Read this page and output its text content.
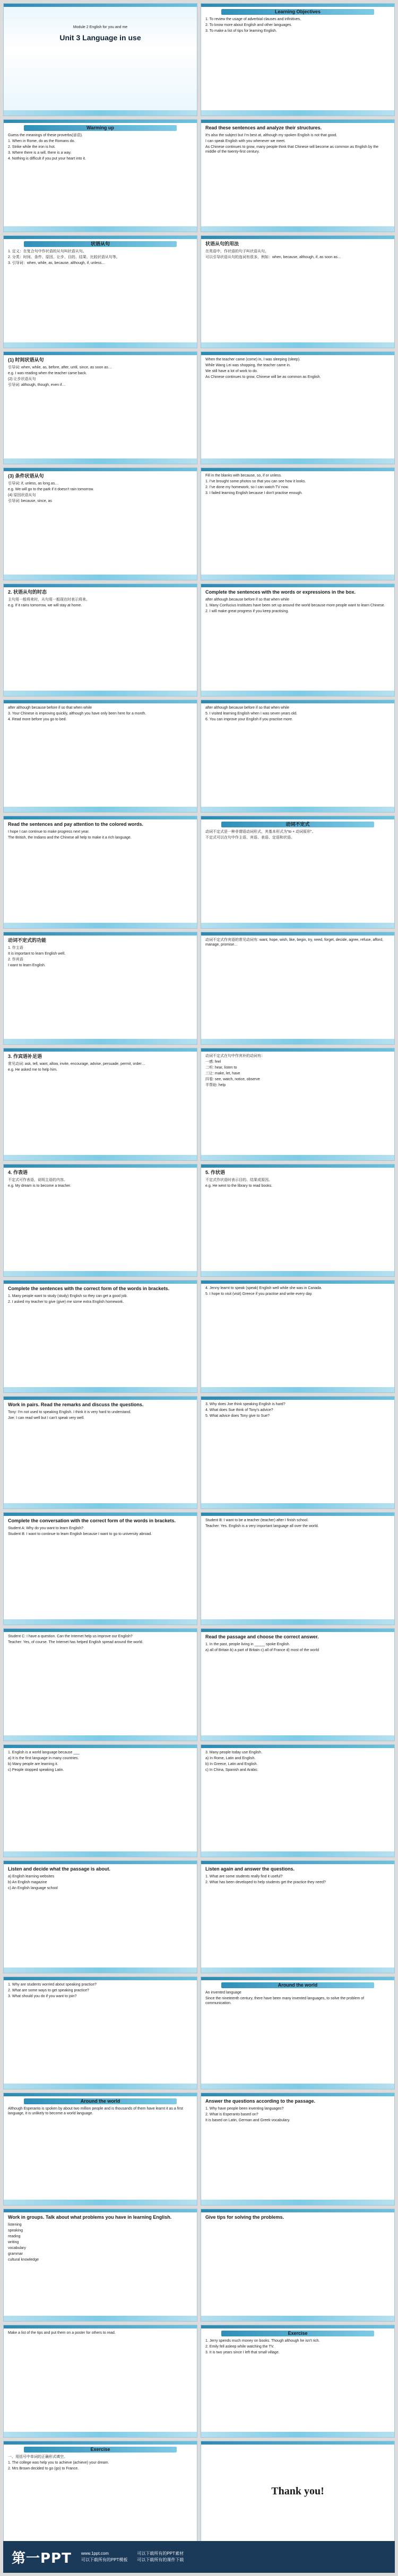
Module 2 English for you and me
Unit 3 Language in use
Learning Objectives

1. To review the usage of adverbial clauses and infinitives.

2. To know more about English and other languages.

3. To make a list of tips for learning English.

Warming up

Guess the meanings of these proverbs(谚语).

1. When in Rome, do as the Romans do.

2. Strike while the iron is hot.

3. Where there is a will, there is a way.

4. Nothing is difficult if you put your heart into it.

Read these sentences and analyze their structures.

It's also the subject but I'm best at, although my spoken English is not that good.

I can speak English with you whenever we meet.

As Chinese continues to grow, many people think that Chinese will become as common as English by the middle of the twenty-first century.

状语从句

1. 定义：在复合句中作状语的从句叫状语从句。

2. 分类：时间、条件、原因、让步、目的、结果、比较状语从句等。

3. 引导词：when, while, as, because, although, if, unless…

状语从句的用法

在英语中，作状语的句子叫状语从句。

可以引导状语从句的连词有很多，例如：when, because, although, if, as soon as…

(1) 时间状语从句

引导词: when, while, as, before, after, until, since, as soon as…

e.g. I was reading when the teacher came back.

(2) 让步状语从句

引导词: although, though, even if…

When the teacher came (come) in, I was sleeping (sleep).

While Wang Lei was shopping, the teacher came in.

We still have a lot of work to do.

As Chinese continues to grow, Chinese will be as common as English.

(3) 条件状语从句

引导词: if, unless, as long as…

e.g. We will go to the park if it doesn't rain tomorrow.

(4) 原因状语从句

引导词: because, since, as

Fill in the blanks with because, so, if or unless.

1. I've brought some photos so that you can see how it looks.

2. I've done my homework, so I can watch TV now.

3. I failed learning English because I don't practise enough.

2. 状语从句的时态

主句用一般将来时，从句用一般现在时表示将来。

e.g. If it rains tomorrow, we will stay at home.

Complete the sentences with the words or expressions in the box.

after although because before if so that when while

1. Many Confucius Institutes have been set up around the world because more people want to learn Chinese.

2. I will make great progress if you keep practising.

after although because before if so that when while

3. Your Chinese is improving quickly, although you have only been here for a month.

4. Read more before you go to bed.

after although because before if so that when while

5. I visited learning English when I was seven years old.

6. You can improve your English if you practise more.

Read the sentences and pay attention to the colored words.

I hope I can continue to make progress next year.

The British, the Indians and the Chinese all help to make it a rich language.

动词不定式

动词不定式是一种非谓语动词形式，其基本形式为“to + 动词原形”。

不定式可以在句中作主语、宾语、表语、定语和状语。

动词不定式的功能

1. 作主语

It is important to learn English well.

2. 作宾语

I want to learn English.

动词不定式作宾语的常见动词有: want, hope, wish, like, begin, try, need, forget, decide, agree, refuse, afford, manage, promise…

3. 作宾语补足语

常见动词: ask, tell, want, allow, invite, encourage, advise, persuade, permit, order…

e.g. He asked me to help him.

动词不定式在句中作宾补的动词有：

一感: feel

二听: hear, listen to

三让: make, let, have

四看: see, watch, notice, observe

半帮助: help

4. 作表语

不定式可作表语，说明主语的内容。

e.g. My dream is to become a teacher.

5. 作状语

不定式作状语时表示目的、结果或原因。

e.g. He went to the library to read books.

Complete the sentences with the correct form of the words in brackets.

1. Many people want to study (study) English so they can get a good job.

2. I asked my teacher to give (give) me some extra English homework.

4. Jenny learnt to speak (speak) English well while she was in Canada.

5. I hope to visit (visit) Greece if you practise and write every day.

Work in pairs. Read the remarks and discuss the questions.

Tony: I'm not used to speaking English. I think it is very hard to understand.

Joe: I can read well but I can't speak very well.

3. Why does Joe think speaking English is hard?

4. What does Sue think of Tony's advice?

5. What advice does Tony give to Sue?

Complete the conversation with the correct form of the words in brackets.

Student A: Why do you want to learn English?

Student B: I want to continue to learn English because I want to go to university abroad.

Student B: I want to be a teacher (teacher) after I finish school.

Teacher: Yes. English is a very important language all over the world.

Student C: I have a question. Can the Internet help us improve our English?

Teacher: Yes, of course. The Internet has helped English spread around the world.

Read the passage and choose the correct answer.

1. In the past, people living in _____ spoke English.

a) all of Britain b) a part of Britain c) all of France d) most of the world

1. English is a world language because ___

a) It is the first language in many countries.

b) Many people are learning it.

c) People stopped speaking Latin.

3. Many people today use English.

a) In Rome, Latin and English.

b) In Greece, Latin and English.

c) In China, Spanish and Arabic.

Listen and decide what the passage is about.

a) English learning websites

b) An English magazine

c) An English language school

Listen again and answer the questions.

1. What are some students really find it useful?

2. What has been developed to help students get the practice they need?

1. Why are students worried about speaking practice?

2. What are some ways to get speaking practice?

3. What should you do if you want to join?

Around the world

An invented language

Since the nineteenth century, there have been many invented languages, to solve the problem of communication.

Around the world

Although Esperanto is spoken by about two million people and is thousands of them have learnt it as a first language, it is unlikely to become a world language.

Answer the questions according to the passage.

1. Why have people been inventing languages?

2. What is Esperanto based on?

It is based on Latin, German and Greek vocabulary.

Work in groups. Talk about what problems you have in learning English.

listening

speaking

reading

writing

vocabulary

grammar

cultural knowledge

Give tips for solving the problems.

Make a list of the tips and put them on a poster for others to read.	Exercise

1. Jerry spends much money on books. Though although he isn't rich.

2. Emily fell asleep while watching the TV.

3. It is two years since I left that small village.

Exercise

一、用括号中单词的正确形式填空。

1. The college was help you to achieve (achieve) your dream.

2. Mrs Brown decided to go (go) to France.

Thank you!
第一PPT www.1ppt.com
可以下载所有的PPT模板
可以下载所有的PPT素材
可以下载所有的课件下载
